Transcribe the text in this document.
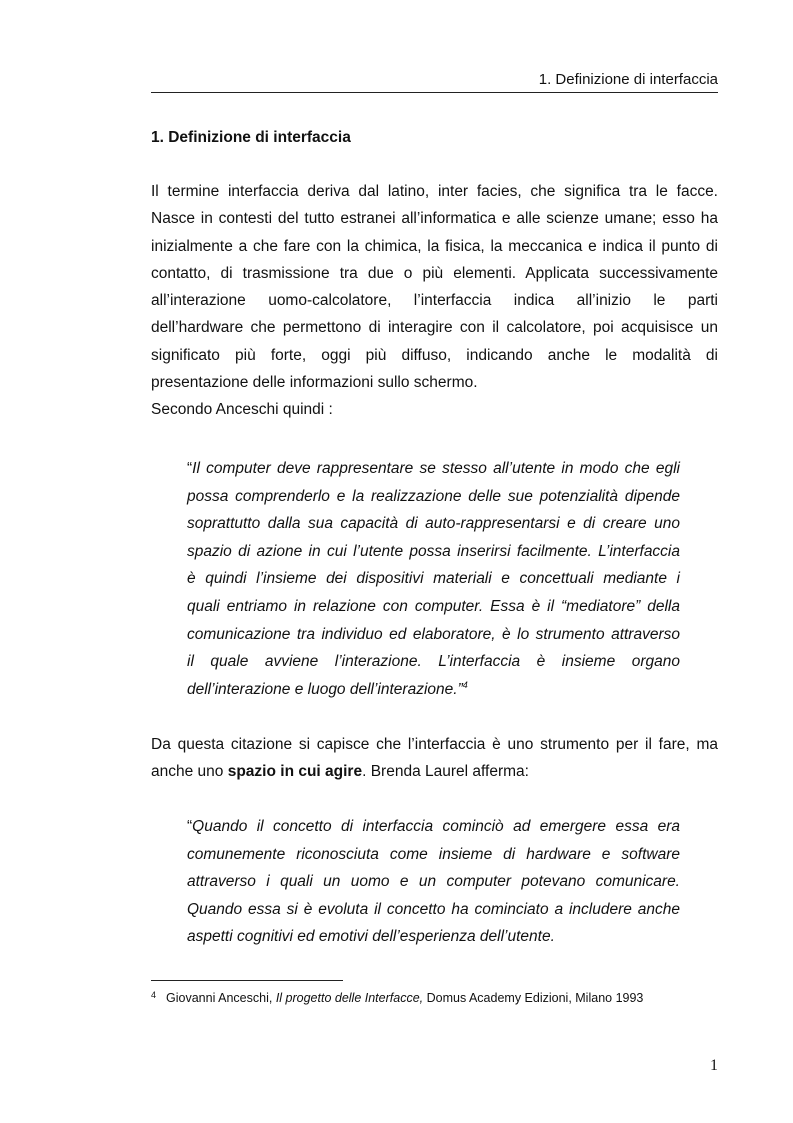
1. Definizione di interfaccia
1. Definizione di interfaccia
Il termine interfaccia deriva dal latino, inter facies, che significa tra le facce.
Nasce in contesti del tutto estranei all’informatica e alle scienze umane; esso ha
inizialmente a che fare con la chimica, la fisica, la meccanica e indica il punto di
contatto, di trasmissione tra due o più elementi. Applicata successivamente
all’interazione uomo-calcolatore, l’interfaccia indica all’inizio le parti
dell’hardware che permettono di interagire con il calcolatore, poi acquisisce un
significato più forte, oggi più diffuso, indicando anche le modalità di
presentazione delle informazioni sullo schermo.
Secondo Anceschi quindi :
“Il computer deve rappresentare se stesso all’utente in modo che egli
possa comprenderlo e la realizzazione delle sue potenzialità dipende
soprattutto dalla sua capacità di auto-rappresentarsi e di creare uno
spazio di azione in cui l’utente possa inserirsi facilmente. L’interfaccia
è quindi l’insieme dei dispositivi materiali e concettuali mediante i
quali entriamo in relazione con computer. Essa è il “mediatore” della
comunicazione tra individuo ed elaboratore, è lo strumento attraverso
il quale avviene l’interazione. L’interfaccia è insieme organo
dell’interazione e luogo dell’interazione.”$^4$
Da questa citazione si capisce che l’interfaccia è uno strumento per il fare, ma
anche uno spazio in cui agire. Brenda Laurel afferma:
“Quando il concetto di interfaccia cominciò ad emergere essa era
comunemente riconosciuta come insieme di hardware e software
attraverso i quali un uomo e un computer potevano comunicare.
Quando essa si è evoluta il concetto ha cominciato a includere anche
aspetti cognitivi ed emotivi dell’esperienza dell’utente.
$^4$ Giovanni Anceschi, Il progetto delle Interfacce, Domus Academy Edizioni, Milano 1993
1
